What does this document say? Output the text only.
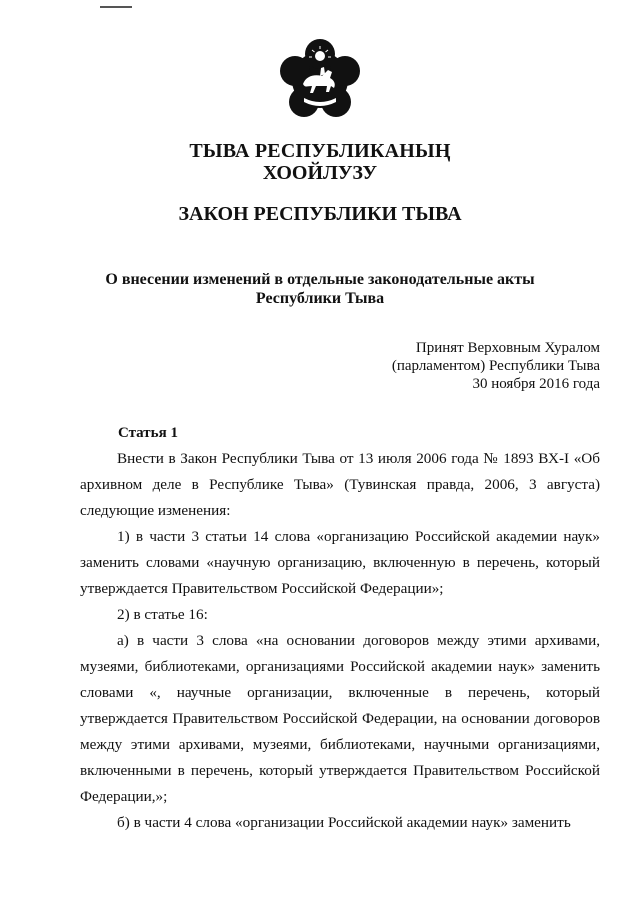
ТЫВА РЕСПУБЛИКАНЫҢ
ХООЙЛУЗУ
ЗАКОН РЕСПУБЛИКИ ТЫВА
О внесении изменений в отдельные законодательные акты
Республики Тыва
Принят Верховным Хуралом
(парламентом) Республики Тыва
30 ноября 2016 года
Статья 1

Внести в Закон Республики Тыва от 13 июля 2006 года № 1893 ВХ-I «Об архивном деле в Республике Тыва» (Тувинская правда, 2006, 3 августа) следующие изменения:

1) в части 3 статьи 14 слова «организацию Российской академии наук» заменить словами «научную организацию, включенную в перечень, который утверждается Правительством Российской Федерации»;

2) в статье 16:

а) в части 3 слова «на основании договоров между этими архивами, музеями, библиотеками, организациями Российской академии наук» заменить словами «, научные организации, включенные в перечень, который утверждается Правительством Российской Федерации, на основании договоров между этими архивами, музеями, библиотеками, научными организациями, включенными в перечень, который утверждается Правительством Российской Федерации,»;

б) в части 4 слова «организации Российской академии наук» заменить
